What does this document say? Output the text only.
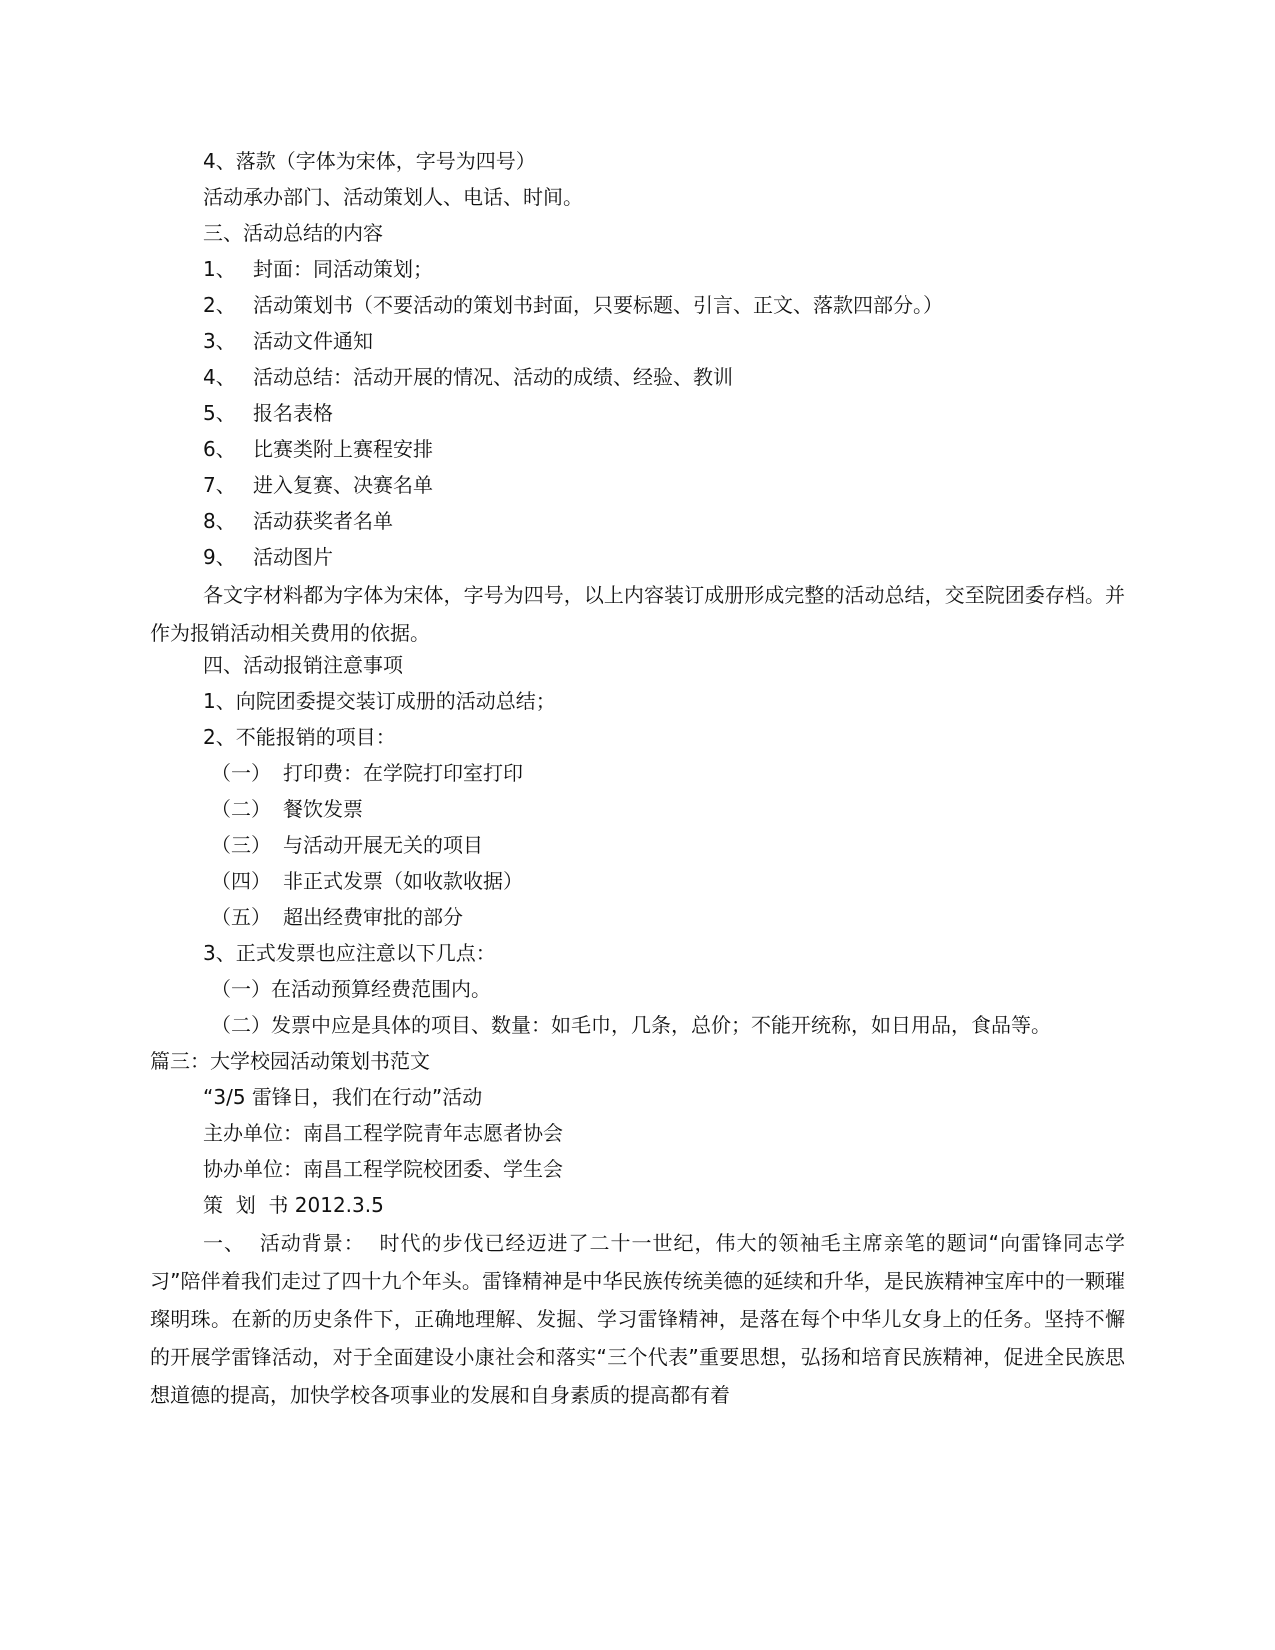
4、落款（字体为宋体，字号为四号）
活动承办部门、活动策划人、电话、时间。
三、活动总结的内容
1、 封面：同活动策划；
2、 活动策划书（不要活动的策划书封面，只要标题、引言、正文、落款四部分。）
3、 活动文件通知
4、 活动总结：活动开展的情况、活动的成绩、经验、教训
5、 报名表格
6、 比赛类附上赛程安排
7、 进入复赛、决赛名单
8、 活动获奖者名单
9、 活动图片
各文字材料都为字体为宋体，字号为四号，以上内容装订成册形成完整的活动总结，交至院团委存档。并作为报销活动相关费用的依据。
四、活动报销注意事项
1、向院团委提交装订成册的活动总结；
2、不能报销的项目：
（一） 打印费：在学院打印室打印
（二） 餐饮发票
（三） 与活动开展无关的项目
（四） 非正式发票（如收款收据）
（五） 超出经费审批的部分
3、正式发票也应注意以下几点：
（一）在活动预算经费范围内。
（二）发票中应是具体的项目、数量：如毛巾，几条，总价；不能开统称，如日用品，食品等。
篇三：大学校园活动策划书范文
“3/5 雷锋日，我们在行动”活动
主办单位：南昌工程学院青年志愿者协会
协办单位：南昌工程学院校团委、学生会
策  划  书 2012.3.5
一、  活动背景：  时代的步伐已经迈进了二十一世纪，伟大的领袖毛主席亲笔的题词“向雷锋同志学习”陪伴着我们走过了四十九个年头。雷锋精神是中华民族传统美德的延续和升华，是民族精神宝库中的一颗璀璨明珠。在新的历史条件下，正确地理解、发掘、学习雷锋精神，是落在每个中华儿女身上的任务。坚持不懈的开展学雷锋活动，对于全面建设小康社会和落实“三个代表”重要思想，弘扬和培育民族精神，促进全民族思想道德的提高，加快学校各项事业的发展和自身素质的提高都有着
